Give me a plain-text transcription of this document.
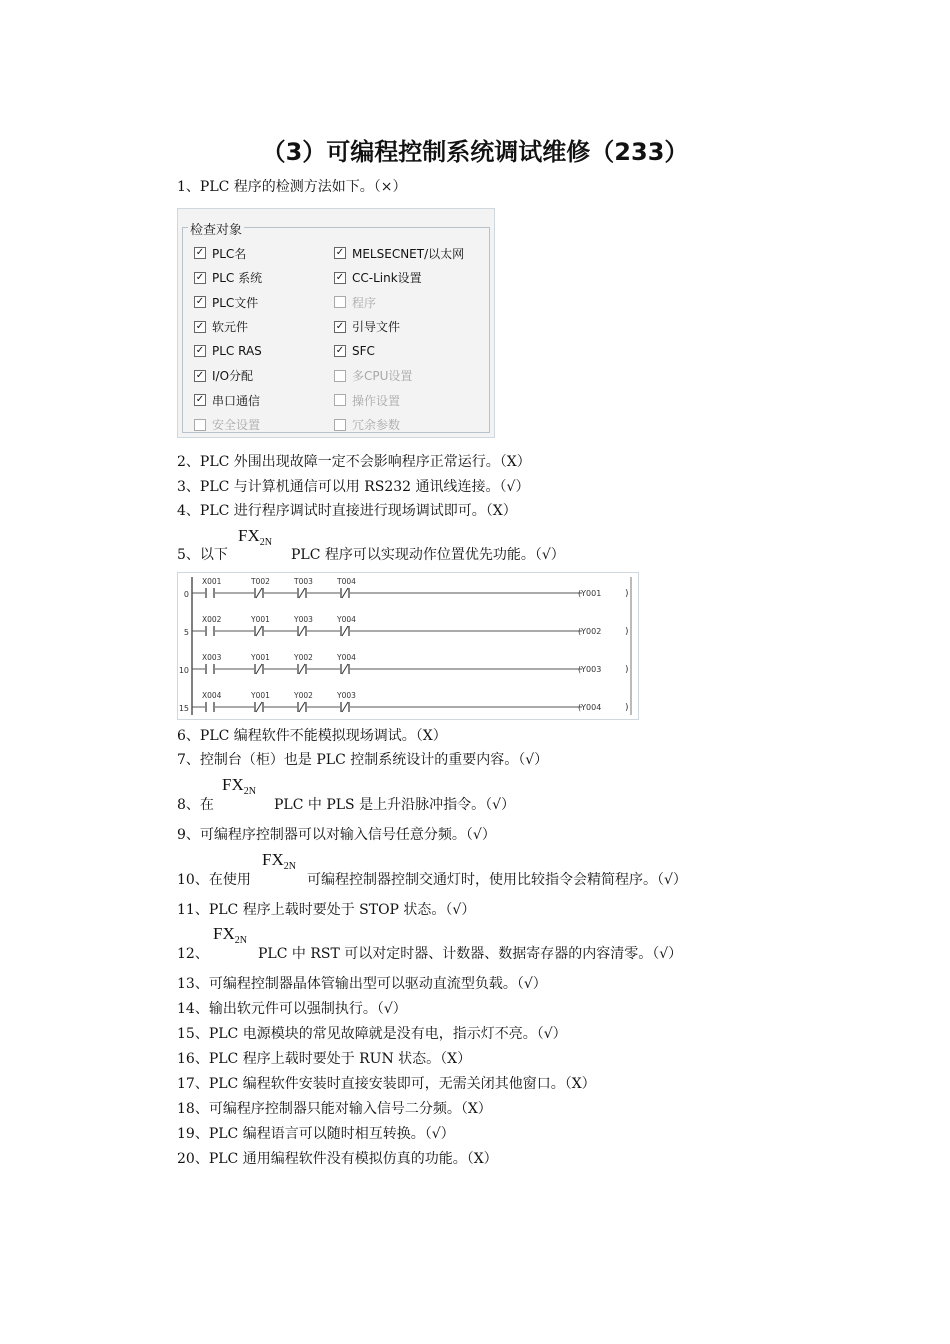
（3）可编程控制系统调试维修（233）
1、PLC 程序的检测方法如下。（×）
检查对象
✓ PLC名
✓ PLC 系统
✓ PLC文件
✓ 软元件
✓ PLC RAS
✓ I/O分配
✓ 串口通信
安全设置
✓ MELSECNET/以太网
✓ CC-Link设置
程序
✓ 引导文件
✓ SFC
多CPU设置
操作设置
冗余参数
2、PLC 外围出现故障一定不会影响程序正常运行。（X）
3、PLC 与计算机通信可以用 RS232 通讯线连接。（√）
4、PLC 进行程序调试时直接进行现场调试即可。（X）
$FX_{2N}$
5、以下	PLC 程序可以实现动作位置优先功能。（√）
0
X001	T002	T003	T004
(Y001	)
5
X002	Y001	Y003	Y004
(Y002	)
10
X003	Y001	Y002	Y004
(Y003	)
15
X004	Y001	Y002	Y003
(Y004	)
6、PLC 编程软件不能模拟现场调试。（X）
7、控制台（柜）也是 PLC 控制系统设计的重要内容。（√）
$FX_{2N}$
8、在	PLC 中 PLS 是上升沿脉冲指令。（√）
9、可编程序控制器可以对输入信号任意分频。（√）
$FX_{2N}$
10、在使用	可编程控制器控制交通灯时，使用比较指令会精简程序。（√）
11、PLC 程序上载时要处于 STOP 状态。（√）
$FX_{2N}$
12、	PLC 中 RST 可以对定时器、计数器、数据寄存器的内容清零。（√）
13、可编程控制器晶体管输出型可以驱动直流型负载。（√）
14、输出软元件可以强制执行。（√）
15、PLC 电源模块的常见故障就是没有电，指示灯不亮。（√）
16、PLC 程序上载时要处于 RUN 状态。（X）
17、PLC 编程软件安装时直接安装即可，无需关闭其他窗口。（X）
18、可编程序控制器只能对输入信号二分频。（X）
19、PLC 编程语言可以随时相互转换。（√）
20、PLC 通用编程软件没有模拟仿真的功能。（X）
